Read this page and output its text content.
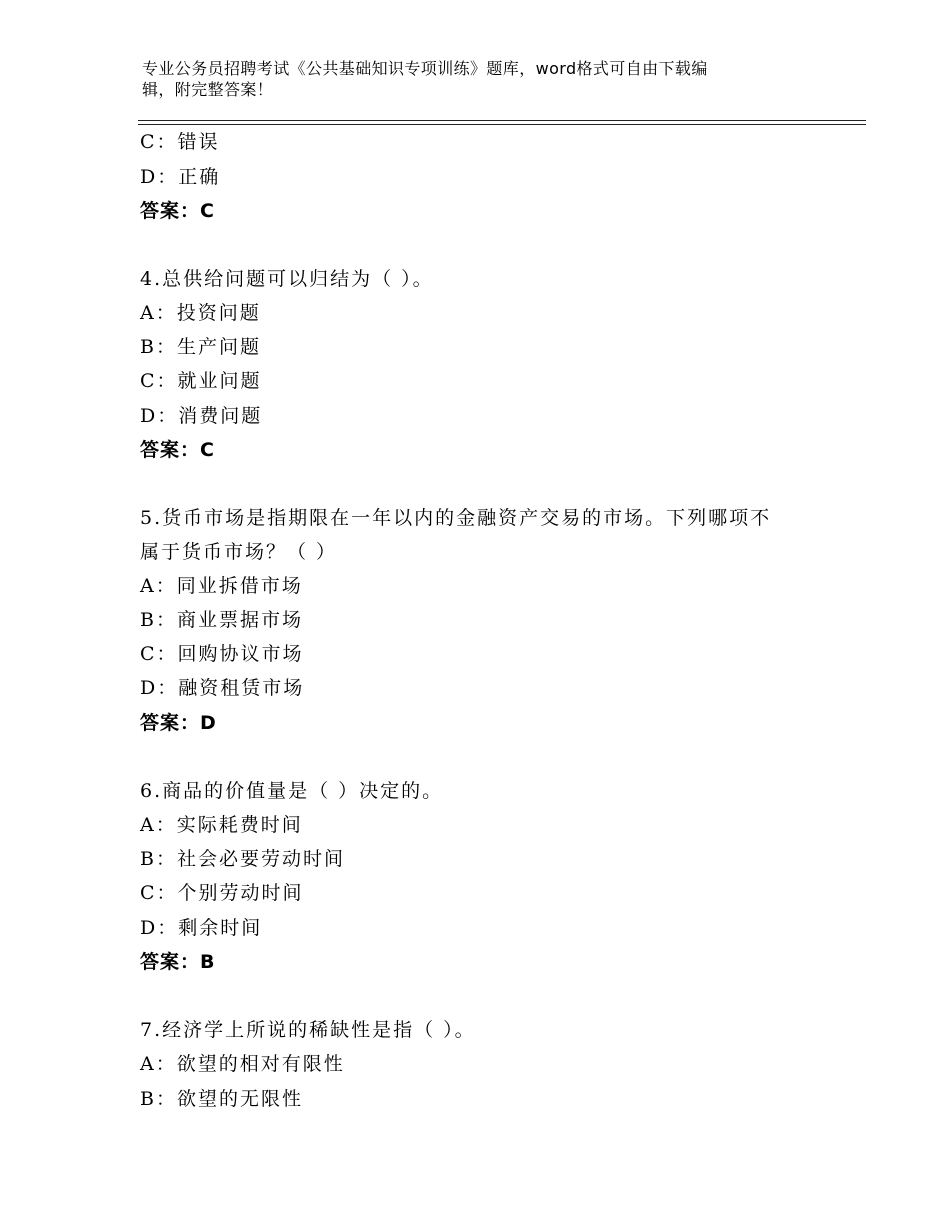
专业公务员招聘考试《公共基础知识专项训练》题库，word格式可自由下载编
辑，附完整答案！
C：错误
D：正确
答案：C
4.总供给问题可以归结为（ ）。
A：投资问题
B：生产问题
C：就业问题
D：消费问题
答案：C
5.货币市场是指期限在一年以内的金融资产交易的市场。下列哪项不
属于货币市场？（ ）
A：同业拆借市场
B：商业票据市场
C：回购协议市场
D：融资租赁市场
答案：D
6.商品的价值量是（ ）决定的。
A：实际耗费时间
B：社会必要劳动时间
C：个别劳动时间
D：剩余时间
答案：B
7.经济学上所说的稀缺性是指（ ）。
A：欲望的相对有限性
B：欲望的无限性
